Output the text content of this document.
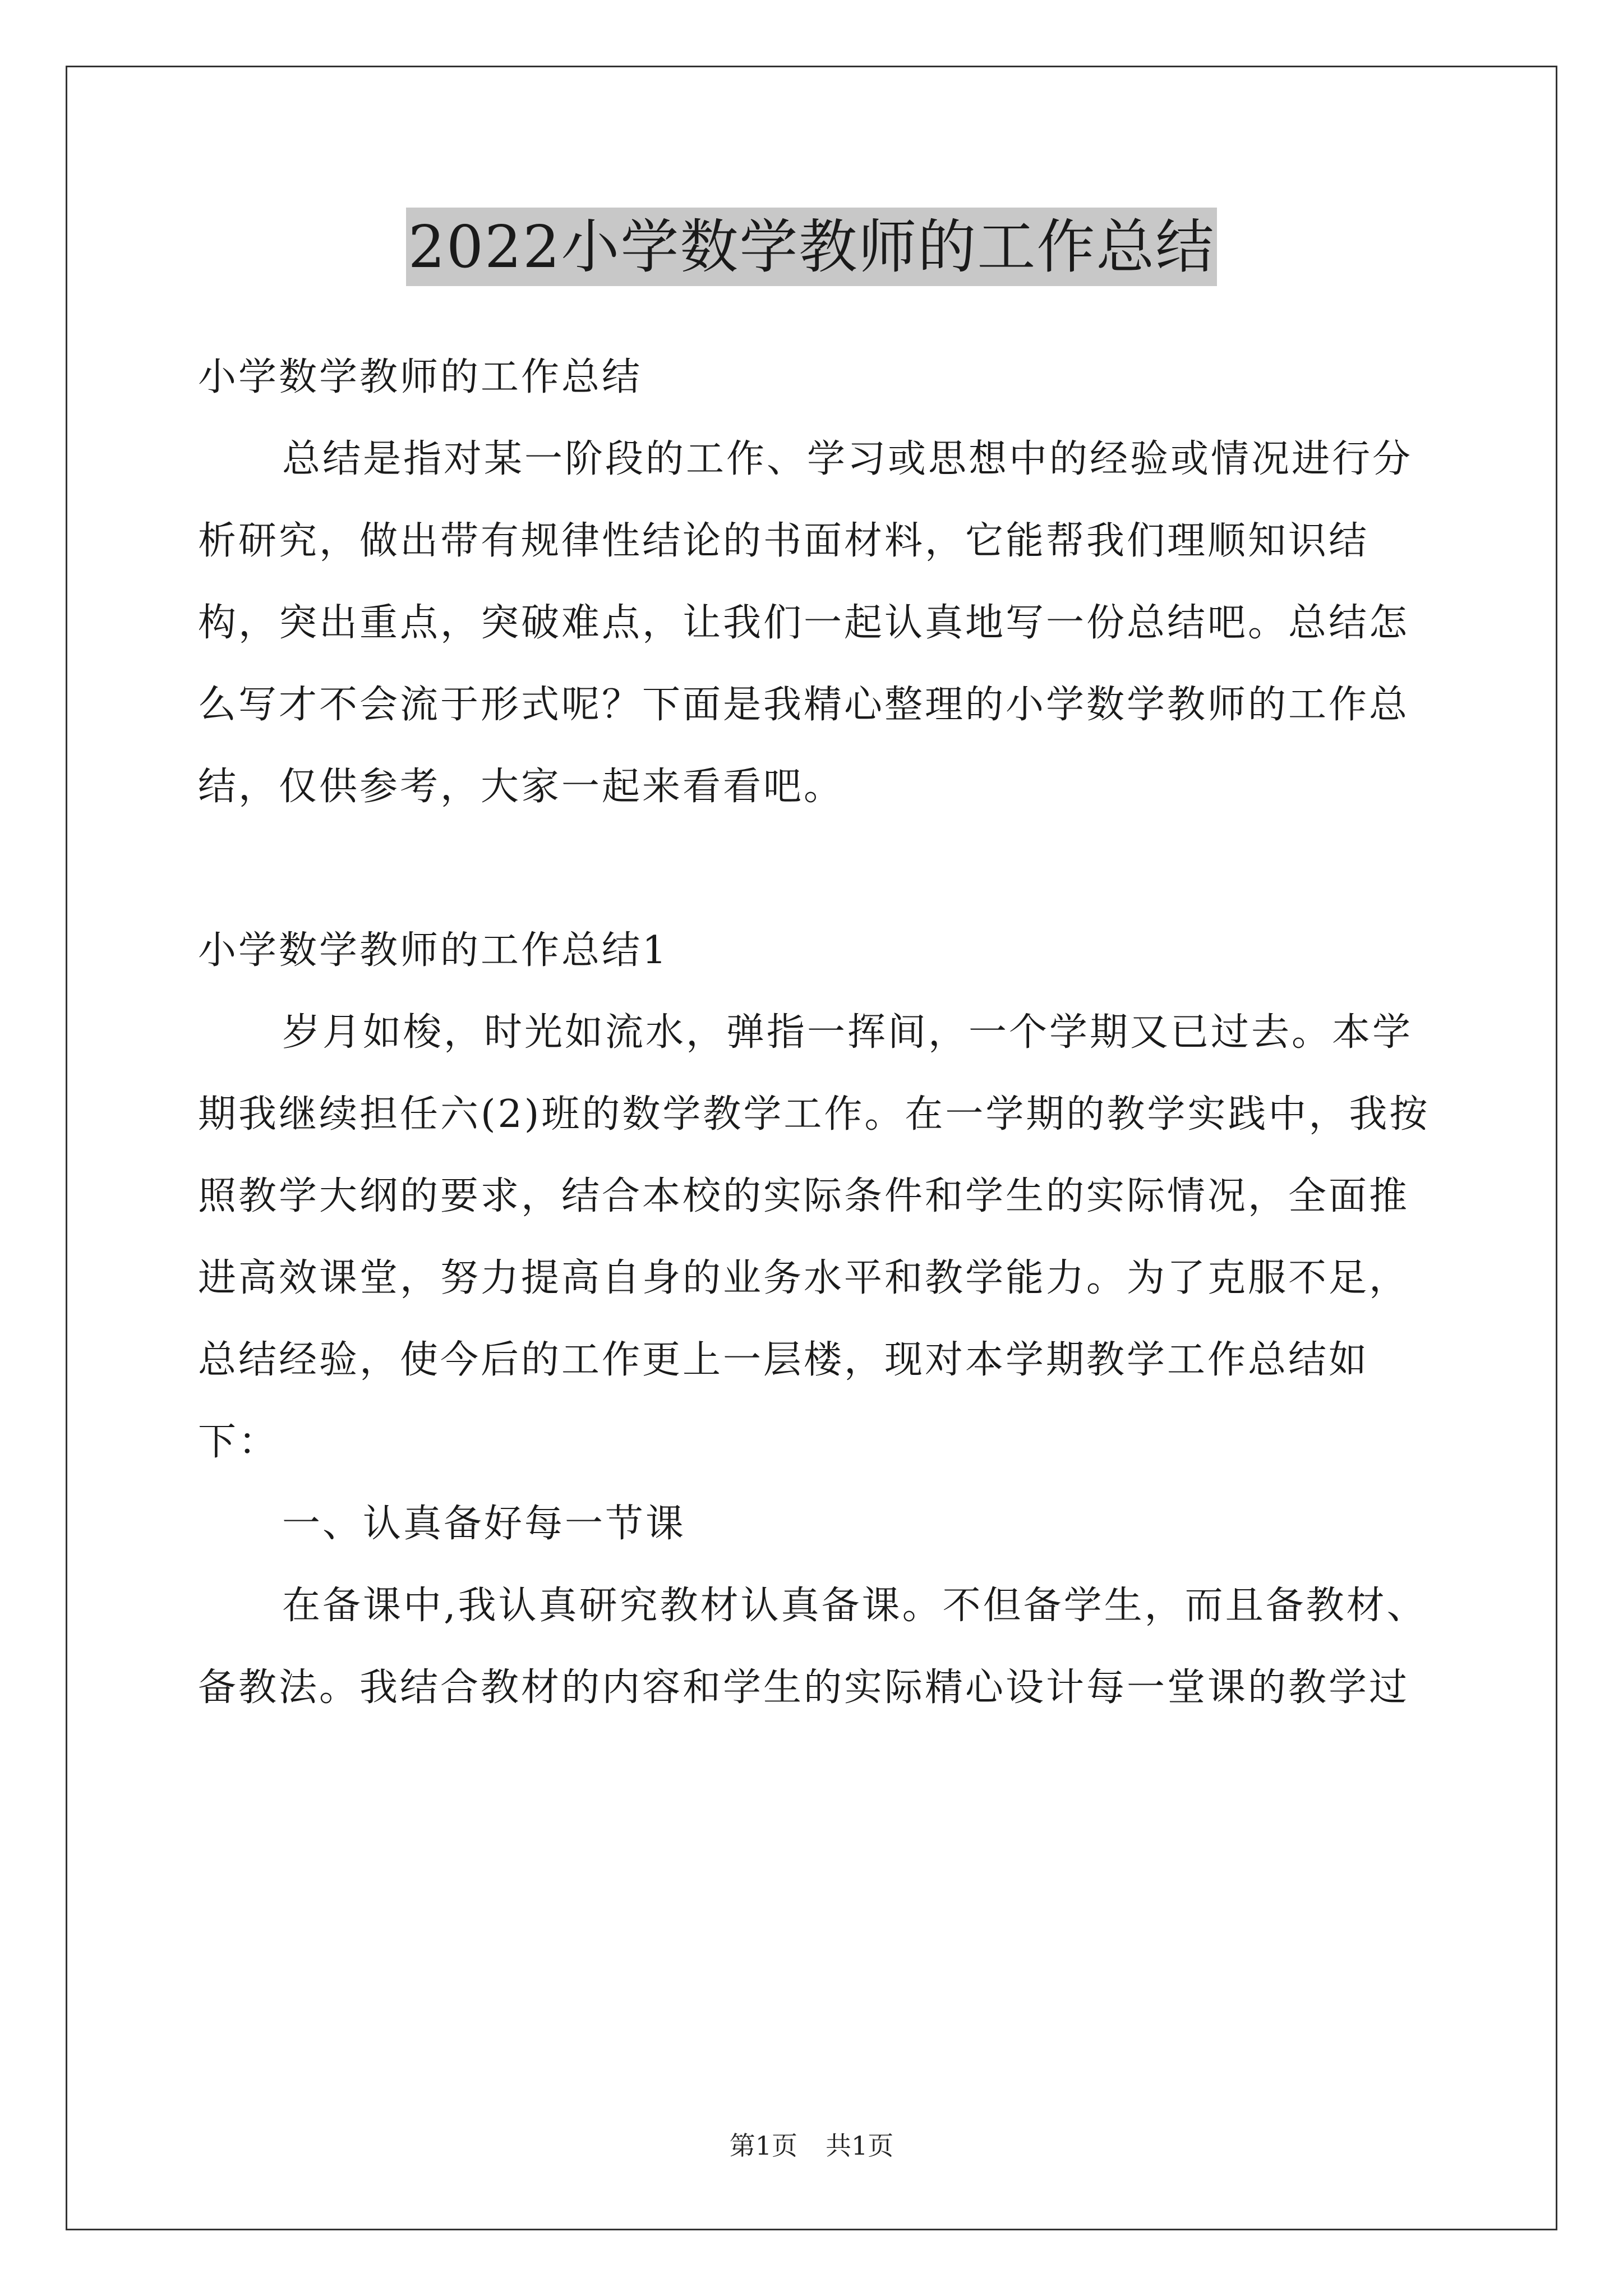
2022小学数学教师的工作总结

小学数学教师的工作总结

总结是指对某一阶段的工作、学习或思想中的经验或情况进行分析研究，做出带有规律性结论的书面材料，它能帮我们理顺知识结构，突出重点，突破难点，让我们一起认真地写一份总结吧。总结怎么写才不会流于形式呢？下面是我精心整理的小学数学教师的工作总结，仅供参考，大家一起来看看吧。

小学数学教师的工作总结1

岁月如梭，时光如流水，弹指一挥间，一个学期又已过去。本学期我继续担任六(2)班的数学教学工作。在一学期的教学实践中，我按照教学大纲的要求，结合本校的实际条件和学生的实际情况，全面推进高效课堂，努力提高自身的业务水平和教学能力。为了克服不足，总结经验，使今后的工作更上一层楼，现对本学期教学工作总结如下：

一、认真备好每一节课

在备课中,我认真研究教材认真备课。不但备学生，而且备教材、备教法。我结合教材的内容和学生的实际精心设计每一堂课的教学过

第1页 共1页
